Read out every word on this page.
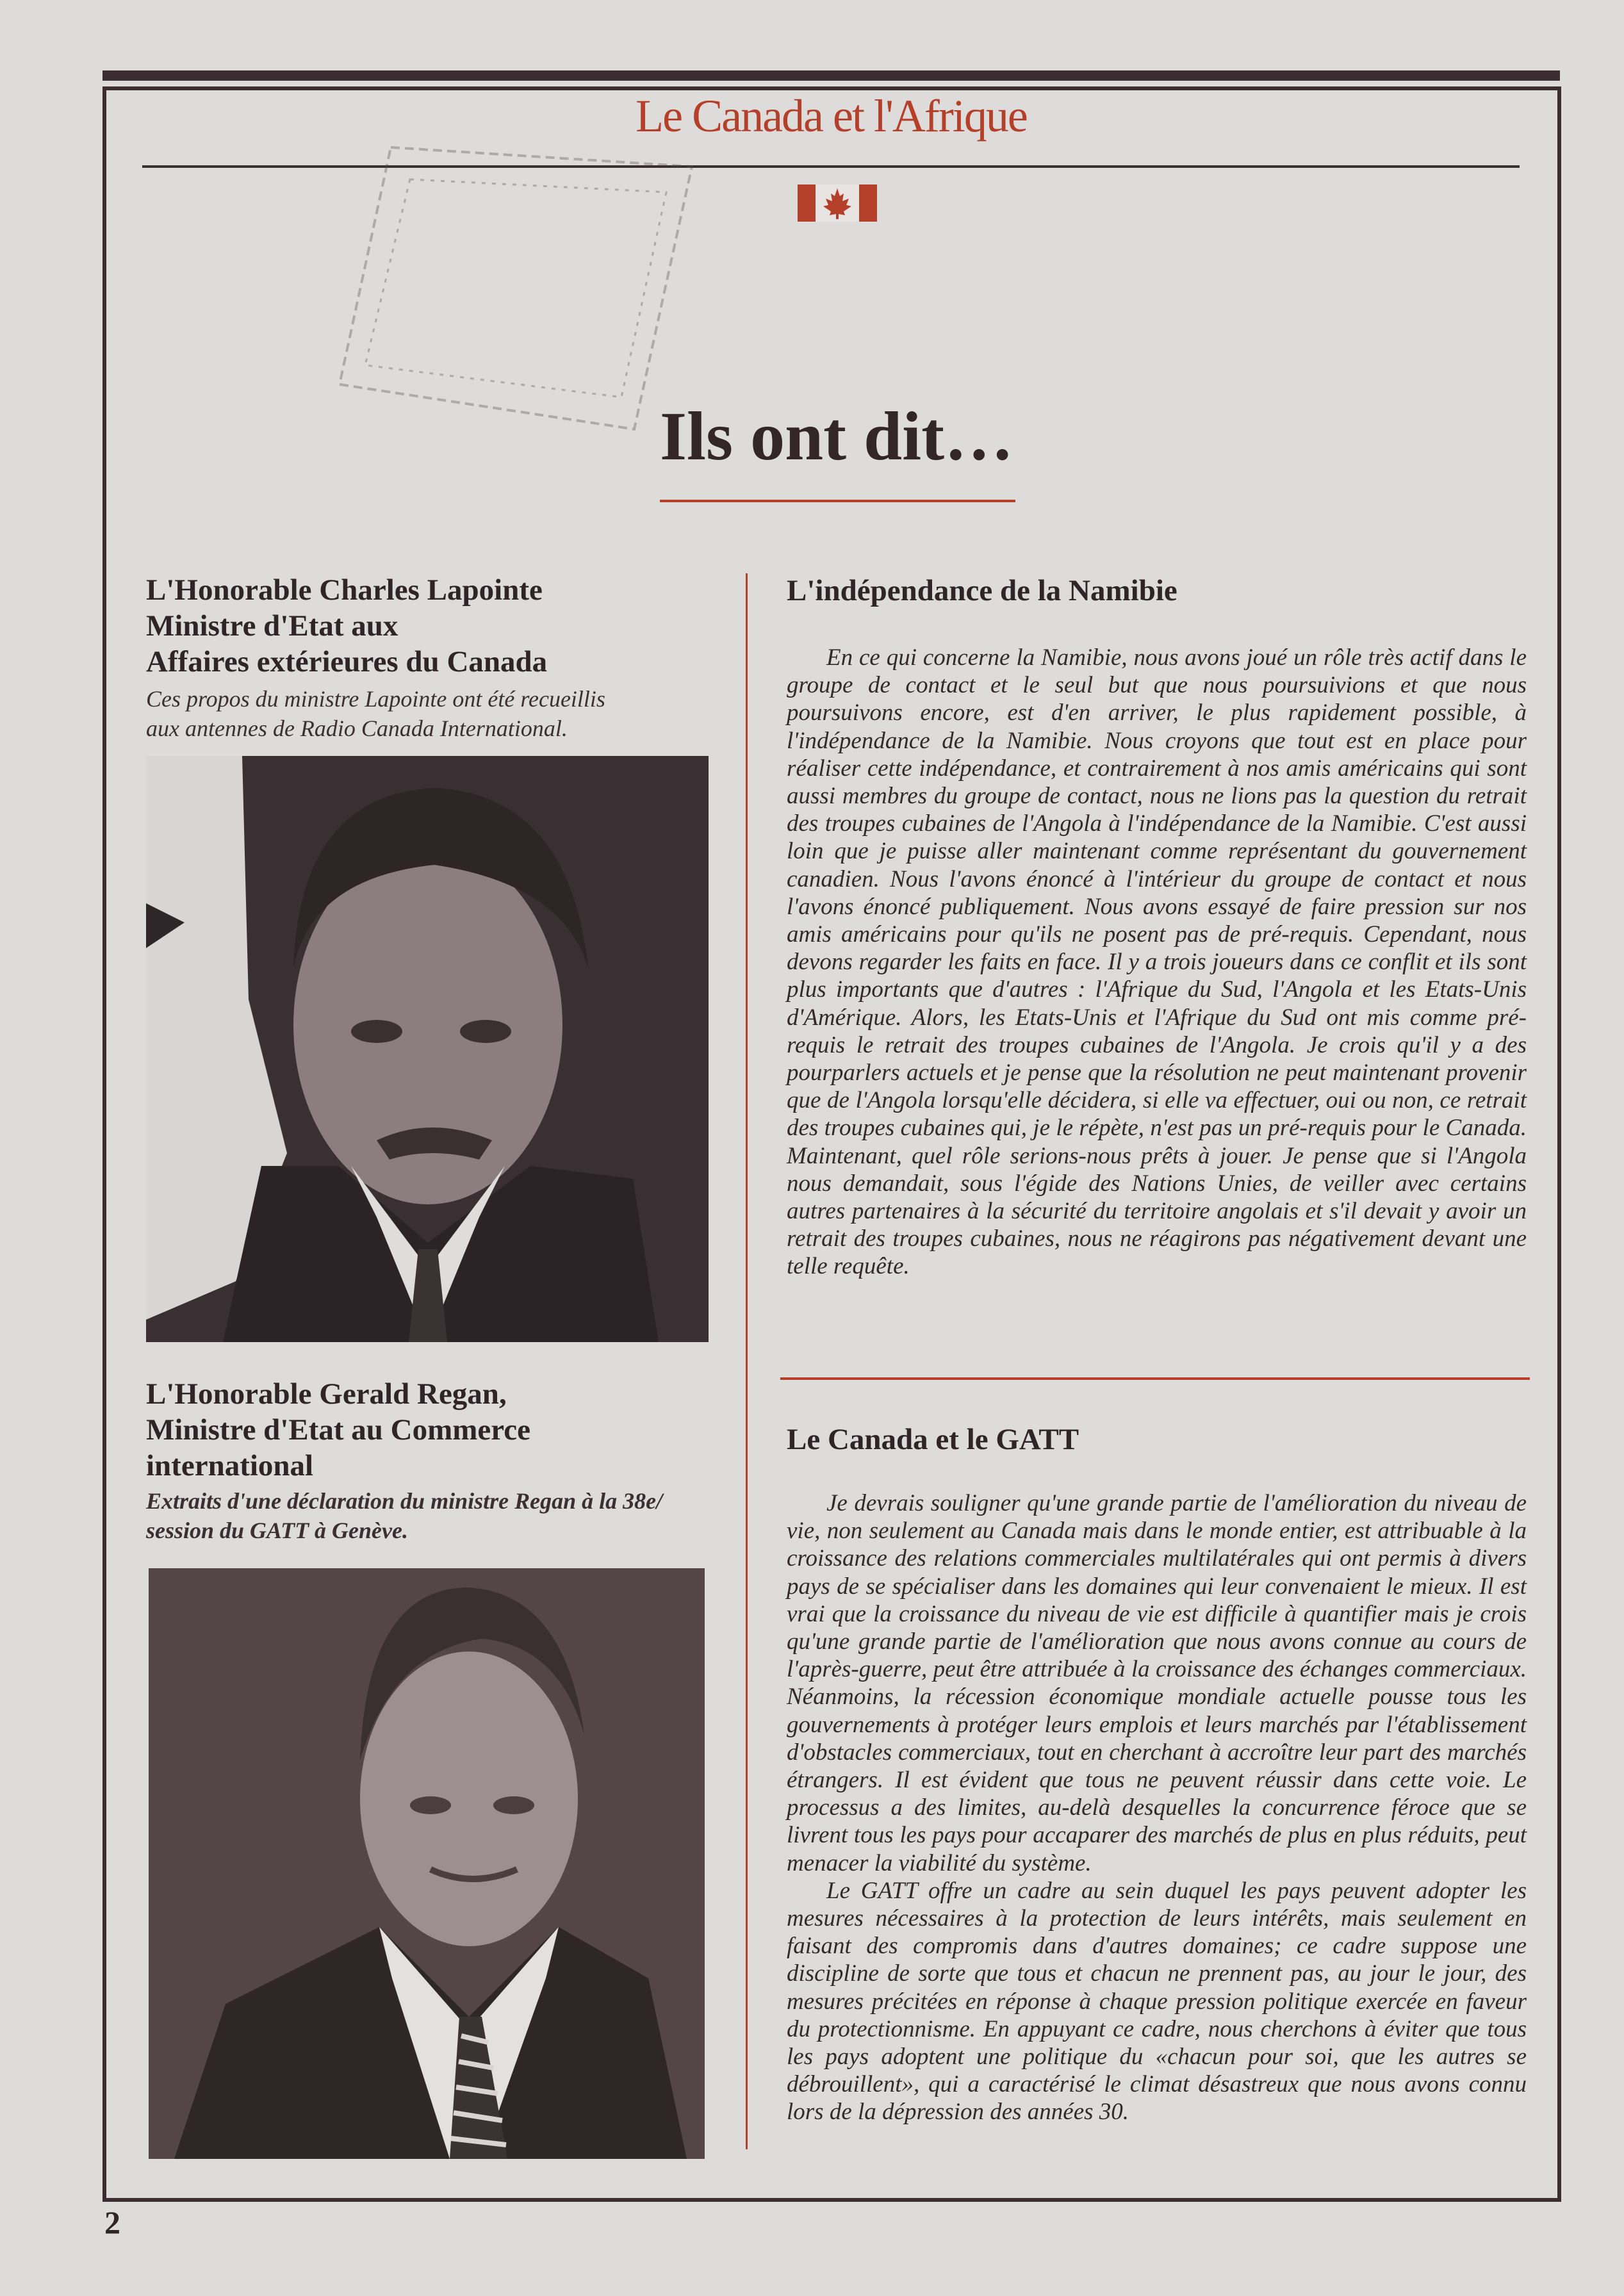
Le Canada et l'Afrique
Ils ont dit…
L'Honorable Charles Lapointe
Ministre d'Etat aux
Affaires extérieures du Canada
Ces propos du ministre Lapointe ont été recueillis
aux antennes de Radio Canada International.
L'Honorable Gerald Regan,
Ministre d'Etat au Commerce
international
Extraits d'une déclaration du ministre Regan à la 38e/
session du GATT à Genève.
L'indépendance de la Namibie

En ce qui concerne la Namibie, nous avons joué un rôle très actif dans le groupe de contact et le seul but que nous poursuivions et que nous poursuivons encore, est d'en arriver, le plus rapidement possible, à l'indépendance de la Namibie. Nous croyons que tout est en place pour réaliser cette indépendance, et contrairement à nos amis américains qui sont aussi membres du groupe de contact, nous ne lions pas la question du retrait des troupes cubaines de l'Angola à l'indépendance de la Namibie. C'est aussi loin que je puisse aller maintenant comme représentant du gouvernement canadien. Nous l'avons énoncé à l'intérieur du groupe de contact et nous l'avons énoncé publiquement. Nous avons essayé de faire pression sur nos amis américains pour qu'ils ne posent pas de pré-requis. Cependant, nous devons regarder les faits en face. Il y a trois joueurs dans ce conflit et ils sont plus importants que d'autres : l'Afrique du Sud, l'Angola et les Etats-Unis d'Amérique. Alors, les Etats-Unis et l'Afrique du Sud ont mis comme pré-requis le retrait des troupes cubaines de l'Angola. Je crois qu'il y a des pourparlers actuels et je pense que la résolution ne peut maintenant provenir que de l'Angola lorsqu'elle décidera, si elle va effectuer, oui ou non, ce retrait des troupes cubaines qui, je le répète, n'est pas un pré-requis pour le Canada. Maintenant, quel rôle serions-nous prêts à jouer. Je pense que si l'Angola nous demandait, sous l'égide des Nations Unies, de veiller avec certains autres partenaires à la sécurité du territoire angolais et s'il devait y avoir un retrait des troupes cubaines, nous ne réagirons pas négativement devant une telle requête.

Le Canada et le GATT

Je devrais souligner qu'une grande partie de l'amélioration du niveau de vie, non seulement au Canada mais dans le monde entier, est attribuable à la croissance des relations commerciales multilatérales qui ont permis à divers pays de se spécialiser dans les domaines qui leur convenaient le mieux. Il est vrai que la croissance du niveau de vie est difficile à quantifier mais je crois qu'une grande partie de l'amélioration que nous avons connue au cours de l'après-guerre, peut être attribuée à la croissance des échanges commerciaux. Néanmoins, la récession économique mondiale actuelle pousse tous les gouvernements à protéger leurs emplois et leurs marchés par l'établissement d'obstacles commerciaux, tout en cherchant à accroître leur part des marchés étrangers. Il est évident que tous ne peuvent réussir dans cette voie. Le processus a des limites, au-delà desquelles la concurrence féroce que se livrent tous les pays pour accaparer des marchés de plus en plus réduits, peut menacer la viabilité du système.

Le GATT offre un cadre au sein duquel les pays peuvent adopter les mesures nécessaires à la protection de leurs intérêts, mais seulement en faisant des compromis dans d'autres domaines; ce cadre suppose une discipline de sorte que tous et chacun ne prennent pas, au jour le jour, des mesures précitées en réponse à chaque pression politique exercée en faveur du protectionnisme. En appuyant ce cadre, nous cherchons à éviter que tous les pays adoptent une politique du «chacun pour soi, que les autres se débrouillent», qui a caractérisé le climat désastreux que nous avons connu lors de la dépression des années 30.

2
